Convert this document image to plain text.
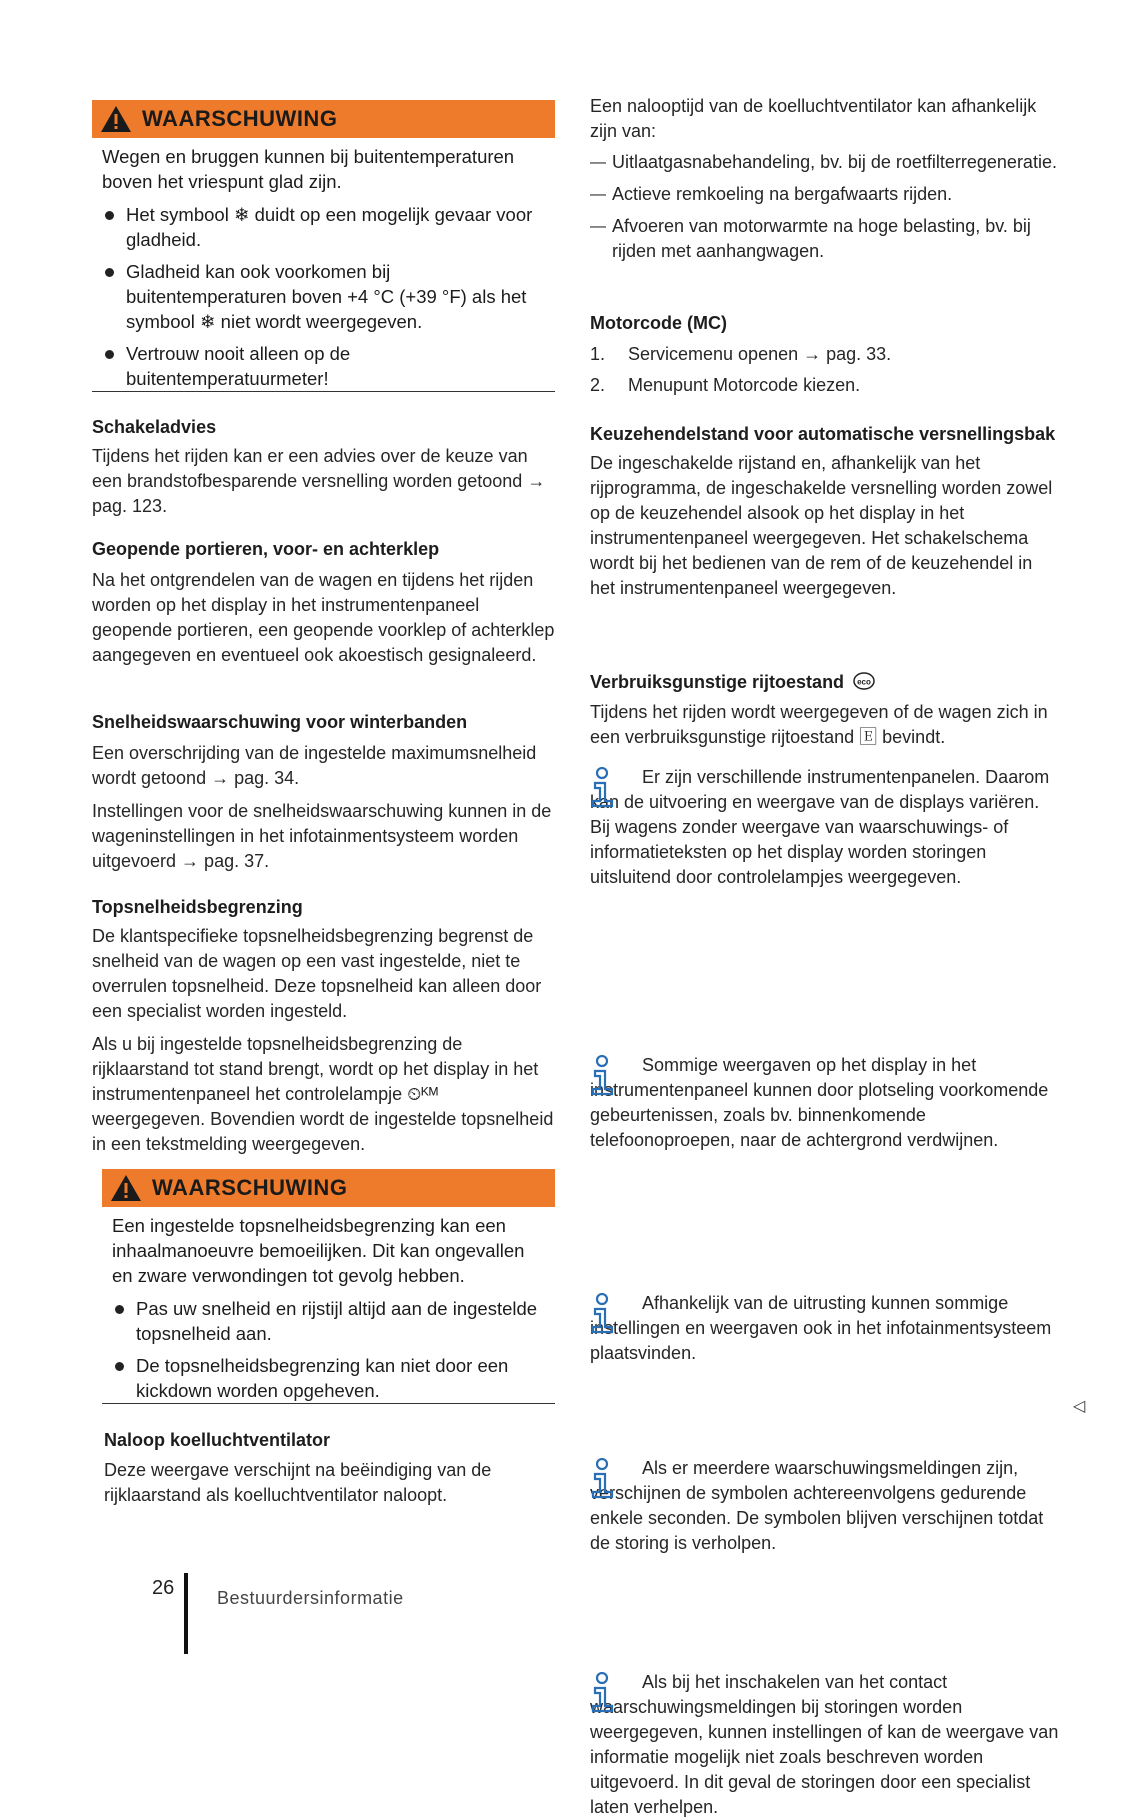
WAARSCHUWING

Wegen en bruggen kunnen bij buitentemperaturen boven het vriespunt glad zijn.

Het symbool ❄ duidt op een mogelijk gevaar voor gladheid.
Gladheid kan ook voorkomen bij buitentemperaturen boven +4 °C (+39 °F) als het symbool ❄ niet wordt weergegeven.
Vertrouw nooit alleen op de buitentemperatuurmeter!
Schakeladvies

Tijdens het rijden kan er een advies over de keuze van een brandstofbesparende versnelling worden getoond → pag. 123.

Geopende portieren, voor- en achterklep

Na het ontgrendelen van de wagen en tijdens het rijden worden op het display in het instrumentenpaneel geopende portieren, een geopende voorklep of achterklep aangegeven en eventueel ook akoestisch gesignaleerd.

Snelheidswaarschuwing voor winterbanden

Een overschrijding van de ingestelde maximumsnelheid wordt getoond → pag. 34.

Instellingen voor de snelheidswaarschuwing kunnen in de wageninstellingen in het infotainmentsysteem worden uitgevoerd → pag. 37.

Topsnelheidsbegrenzing

De klantspecifieke topsnelheidsbegrenzing begrenst de snelheid van de wagen op een vast ingestelde, niet te overrulen topsnelheid. Deze topsnelheid kan alleen door een specialist worden ingesteld.

Als u bij ingestelde topsnelheidsbegrenzing de rijklaarstand tot stand brengt, wordt op het display in het instrumentenpaneel het controlelampje ⏲ᴷᴹ weergegeven. Bovendien wordt de ingestelde topsnelheid in een tekstmelding weergegeven.

WAARSCHUWING

Een ingestelde topsnelheidsbegrenzing kan een inhaalmanoeuvre bemoeilijken. Dit kan ongevallen en zware verwondingen tot gevolg hebben.

Pas uw snelheid en rijstijl altijd aan de ingestelde topsnelheid aan.
De topsnelheidsbegrenzing kan niet door een kickdown worden opgeheven.
Naloop koelluchtventilator

Deze weergave verschijnt na beëindiging van de rijklaarstand als koelluchtventilator naloopt.

Een nalooptijd van de koelluchtventilator kan afhankelijk zijn van:

— Uitlaatgasnabehandeling, bv. bij de roetfilterregeneratie.
— Actieve remkoeling na bergafwaarts rijden.
— Afvoeren van motorwarmte na hoge belasting, bv. bij rijden met aanhangwagen.
Motorcode (MC)
1.	Servicemenu openen → pag. 33.
2.	Menupunt Motorcode kiezen.
Keuzehendelstand voor automatische versnellingsbak

De ingeschakelde rijstand en, afhankelijk van het rijprogramma, de ingeschakelde versnelling worden zowel op de keuzehendel alsook op het display in het instrumentenpaneel weergegeven. Het schakelschema wordt bij het bedienen van de rem of de keuzehendel in het instrumentenpaneel weergegeven.

Verbruiksgunstige rijtoestand eco

Tijdens het rijden wordt weergegeven of de wagen zich in een verbruiksgunstige rijtoestand 🄴 bevindt.

Er zijn verschillende instrumentenpanelen. Daarom kan de uitvoering en weergave van de displays variëren. Bij wagens zonder weergave van waarschuwings- of informatieteksten op het display worden storingen uitsluitend door controlelampjes weergegeven.

Sommige weergaven op het display in het instrumentenpaneel kunnen door plotseling voorkomende gebeurtenissen, zoals bv. binnenkomende telefoonoproepen, naar de achtergrond verdwijnen.

Afhankelijk van de uitrusting kunnen sommige instellingen en weergaven ook in het infotainmentsysteem plaatsvinden.

Als er meerdere waarschuwingsmeldingen zijn, verschijnen de symbolen achtereenvolgens gedurende enkele seconden. De symbolen blijven verschijnen totdat de storing is verholpen.

Als bij het inschakelen van het contact waarschuwingsmeldingen bij storingen worden weergegeven, kunnen instellingen of kan de weergave van informatie mogelijk niet zoals beschreven worden uitgevoerd. In dit geval de storingen door een specialist laten verhelpen.

◁
26 Bestuurdersinformatie
